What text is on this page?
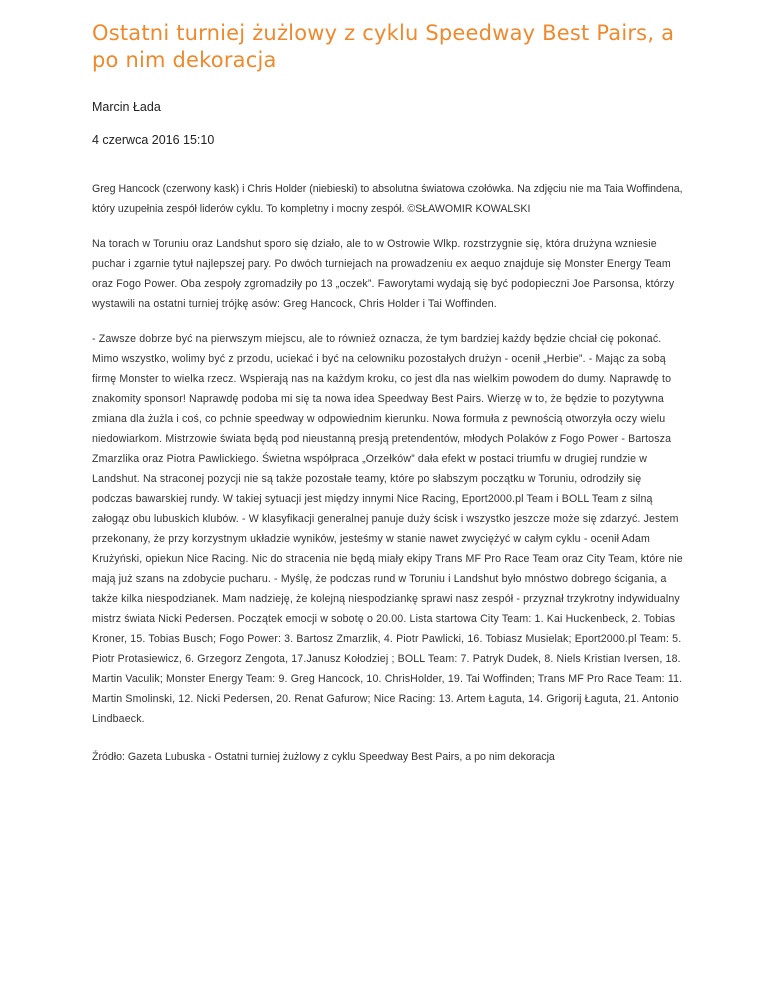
Ostatni turniej żużlowy z cyklu Speedway Best Pairs, a po nim dekoracja

Marcin Łada

4 czerwca 2016 15:10

Greg Hancock (czerwony kask) i Chris Holder (niebieski) to absolutna światowa czołówka. Na zdjęciu nie ma Taia Woffindena, który uzupełnia zespół liderów cyklu. To kompletny i mocny zespół. ©SŁAWOMIR KOWALSKI

Na torach w Toruniu oraz Landshut sporo się działo, ale to w Ostrowie Wlkp. rozstrzygnie się, która drużyna wzniesie puchar i zgarnie tytuł najlepszej pary. Po dwóch turniejach na prowadzeniu ex aequo znajduje się Monster Energy Team oraz Fogo Power. Oba zespoły zgromadziły po 13 „oczek”. Faworytami wydają się być podopieczni Joe Parsonsa, którzy wystawili na ostatni turniej trójkę asów: Greg Hancock, Chris Holder i Tai Woffinden.

- Zawsze dobrze być na pierwszym miejscu, ale to również oznacza, że tym bardziej każdy będzie chciał cię pokonać. Mimo wszystko, wolimy być z przodu, uciekać i być na celowniku pozostałych drużyn - ocenił „Herbie”. - Mając za sobą firmę Monster to wielka rzecz. Wspierają nas na każdym kroku, co jest dla nas wielkim powodem do dumy. Naprawdę to znakomity sponsor! Naprawdę podoba mi się ta nowa idea Speedway Best Pairs. Wierzę w to, że będzie to pozytywna zmiana dla żużla i coś, co pchnie speedway w odpowiednim kierunku. Nowa formuła z pewnością otworzyła oczy wielu niedowiarkom. Mistrzowie świata będą pod nieustanną presją pretendentów, młodych Polaków z Fogo Power - Bartosza Zmarzlika oraz Piotra Pawlickiego. Świetna współpraca „Orzełków” dała efekt w postaci triumfu w drugiej rundzie w Landshut. Na straconej pozycji nie są także pozostałe teamy, które po słabszym początku w Toruniu, odrodziły się podczas bawarskiej rundy. W takiej sytuacji jest między innymi Nice Racing, Eport2000.pl Team i BOLL Team z silną załogąz obu lubuskich klubów. - W klasyfikacji generalnej panuje duży ścisk i wszystko jeszcze może się zdarzyć. Jestem przekonany, że przy korzystnym układzie wyników, jesteśmy w stanie nawet zwyciężyć w całym cyklu - ocenił Adam Krużyński, opiekun Nice Racing. Nic do stracenia nie będą miały ekipy Trans MF Pro Race Team oraz City Team, które nie mają już szans na zdobycie pucharu. - Myślę, że podczas rund w Toruniu i Landshut było mnóstwo dobrego ścigania, a także kilka niespodzianek. Mam nadzieję, że kolejną niespodziankę sprawi nasz zespół - przyznał trzykrotny indywidualny mistrz świata Nicki Pedersen. Początek emocji w sobotę o 20.00. Lista startowa City Team: 1. Kai Huckenbeck, 2. Tobias Kroner, 15. Tobias Busch; Fogo Power: 3. Bartosz Zmarzlik, 4. Piotr Pawlicki, 16. Tobiasz Musielak; Eport2000.pl Team: 5. Piotr Protasiewicz, 6. Grzegorz Zengota, 17.Janusz Kołodziej ; BOLL Team: 7. Patryk Dudek, 8. Niels Kristian Iversen, 18. Martin Vaculik; Monster Energy Team: 9. Greg Hancock, 10. ChrisHolder, 19. Tai Woffinden; Trans MF Pro Race Team: 11. Martin Smolinski, 12. Nicki Pedersen, 20. Renat Gafurow; Nice Racing: 13. Artem Łaguta, 14. Grigorij Łaguta, 21. Antonio Lindbaeck.

Źródło: Gazeta Lubuska - Ostatni turniej żużlowy z cyklu Speedway Best Pairs, a po nim dekoracja
